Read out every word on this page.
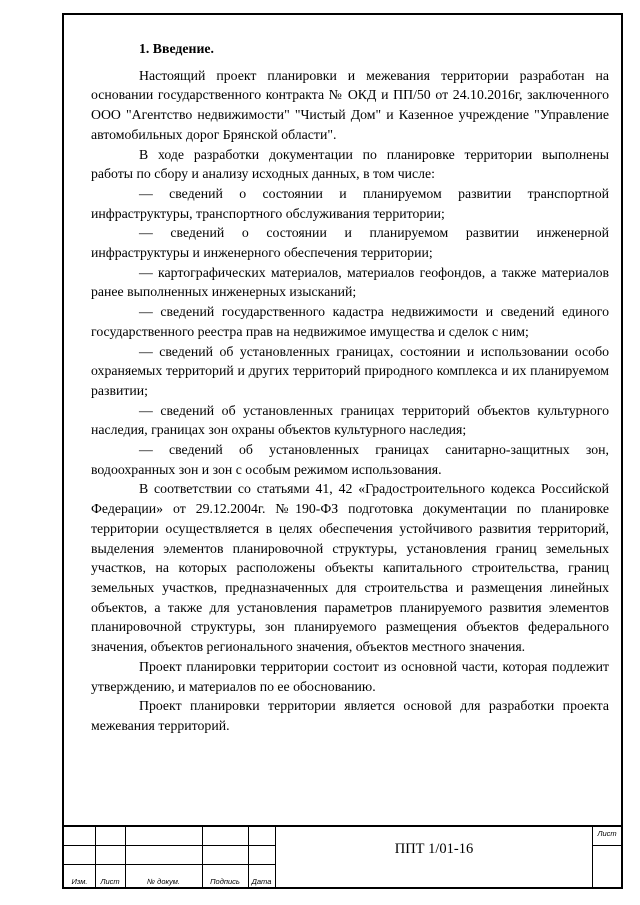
1. Введение.

Настоящий проект планировки и межевания территории разработан на основании государственного контракта № ОКД и ПП/50 от 24.10.2016г, заключенного ООО "Агентство недвижимости" "Чистый Дом" и Казенное учреждение "Управление автомобильных дорог Брянской области".

В ходе разработки документации по планировке территории выполнены работы по сбору и анализу исходных данных, в том числе:

— сведений о состоянии и планируемом развитии транспортной инфраструктуры, транспортного обслуживания территории;

— сведений о состоянии и планируемом развитии инженерной инфраструктуры и инженерного обеспечения территории;

— картографических материалов, материалов геофондов, а также материалов ранее выполненных инженерных изысканий;

— сведений государственного кадастра недвижимости и сведений единого государственного реестра прав на недвижимое имущества и сделок с ним;

— сведений об установленных границах, состоянии и использовании особо охраняемых территорий и других территорий природного комплекса и их планируемом развитии;

— сведений об установленных границах территорий объектов культурного наследия, границах зон охраны объектов культурного наследия;

— сведений об установленных границах санитарно-защитных зон, водоохранных зон и зон с особым режимом использования.

В соответствии со статьями 41, 42 «Градостроительного кодекса Российской Федерации» от 29.12.2004г. №190-ФЗ подготовка документации по планировке территории осуществляется в целях обеспечения устойчивого развития территорий, выделения элементов планировочной структуры, установления границ земельных участков, на которых расположены объекты капитального строительства, границ земельных участков, предназначенных для строительства и размещения линейных объектов, а также для установления параметров планируемого развития элементов планировочной структуры, зон планируемого размещения объектов федерального значения, объектов регионального значения, объектов местного значения.

Проект планировки территории состоит из основной части, которая подлежит утверждению, и материалов по ее обоснованию.

Проект планировки территории является основой для разработки проекта межевания территорий.

Изм.	Лист	№ докум.	Подпись	Дата
ППТ 1/01-16
Лист
